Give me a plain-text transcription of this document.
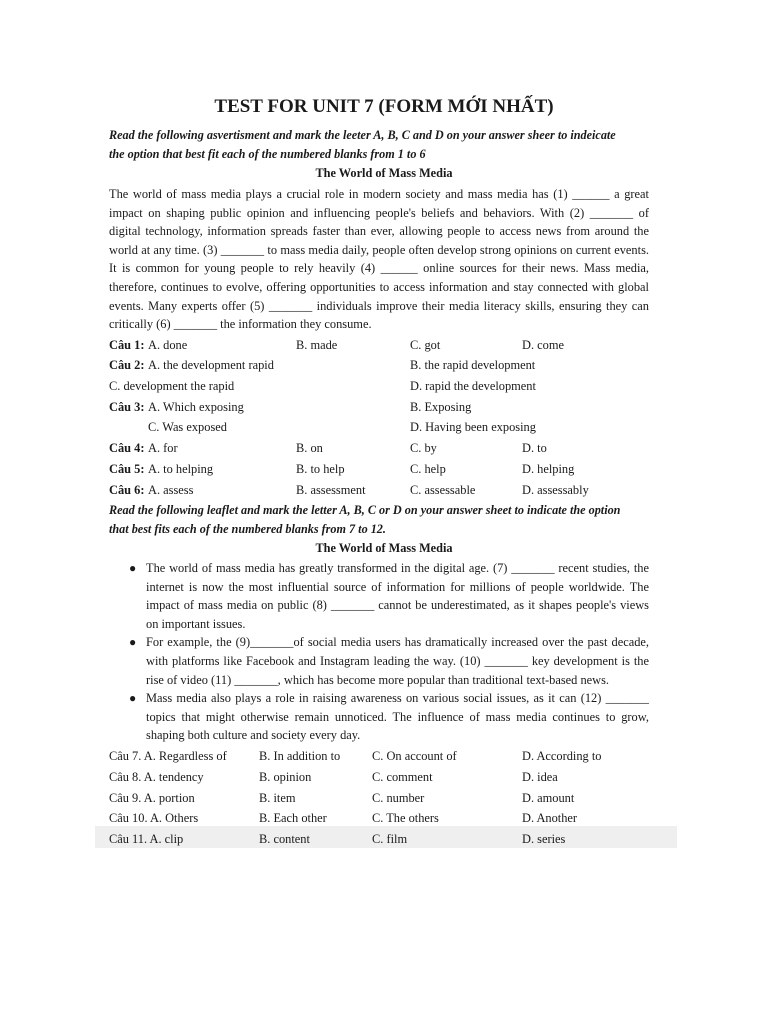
TEST FOR UNIT 7 (FORM MỚI NHẤT)
Read the following asvertisment and mark the leeter A, B, C and D on your answer sheer to indeicate
the option that best fit each of the numbered blanks from 1 to 6
The World of Mass Media
The world of mass media plays a crucial role in modern society and mass media has (1) ______ a great impact on shaping public opinion and influencing people's beliefs and behaviors. With (2) _______ of digital technology, information spreads faster than ever, allowing people to access news from around the world at any time. (3) _______ to mass media daily, people often develop strong opinions on current events. It is common for young people to rely heavily (4) ______ online sources for their news. Mass media, therefore, continues to evolve, offering opportunities to access information and stay connected with global events. Many experts offer (5) _______ individuals improve their media literacy skills, ensuring they can critically (6) _______ the information they consume.
Câu 1: A. done	B. made	C. got	D. come
Câu 2: A. the development rapid	B. the rapid development
C. development the rapid	D. rapid the development
Câu 3: A. Which exposing	B. Exposing
C. Was exposed	D. Having been exposing
Câu 4: A. for	B. on	C. by	D. to
Câu 5: A. to helping	B. to help	C. help	D. helping
Câu 6: A. assess	B. assessment	C. assessable	D. assessably
Read the following leaflet and mark the letter A, B, C or D on your answer sheet to indicate the option
that best fits each of the numbered blanks from 7 to 12.
The World of Mass Media
● The world of mass media has greatly transformed in the digital age. (7) _______ recent studies, the internet is now the most influential source of information for millions of people worldwide. The impact of mass media on public (8) _______ cannot be underestimated, as it shapes people's views on important issues.
● For example, the (9)_______of social media users has dramatically increased over the past decade, with platforms like Facebook and Instagram leading the way. (10) _______ key development is the rise of video (11) _______, which has become more popular than traditional text-based news.
● Mass media also plays a role in raising awareness on various social issues, as it can (12) _______ topics that might otherwise remain unnoticed. The influence of mass media continues to grow, shaping both culture and society every day.
Câu 7. A. Regardless of	B. In addition to	C. On account of	D. According to
Câu 8. A. tendency	B. opinion	C. comment	D. idea
Câu 9. A. portion	B. item	C. number	D. amount
Câu 10. A. Others	B. Each other	C. The others	D. Another
Câu 11. A. clip	B. content	C. film	D. series
